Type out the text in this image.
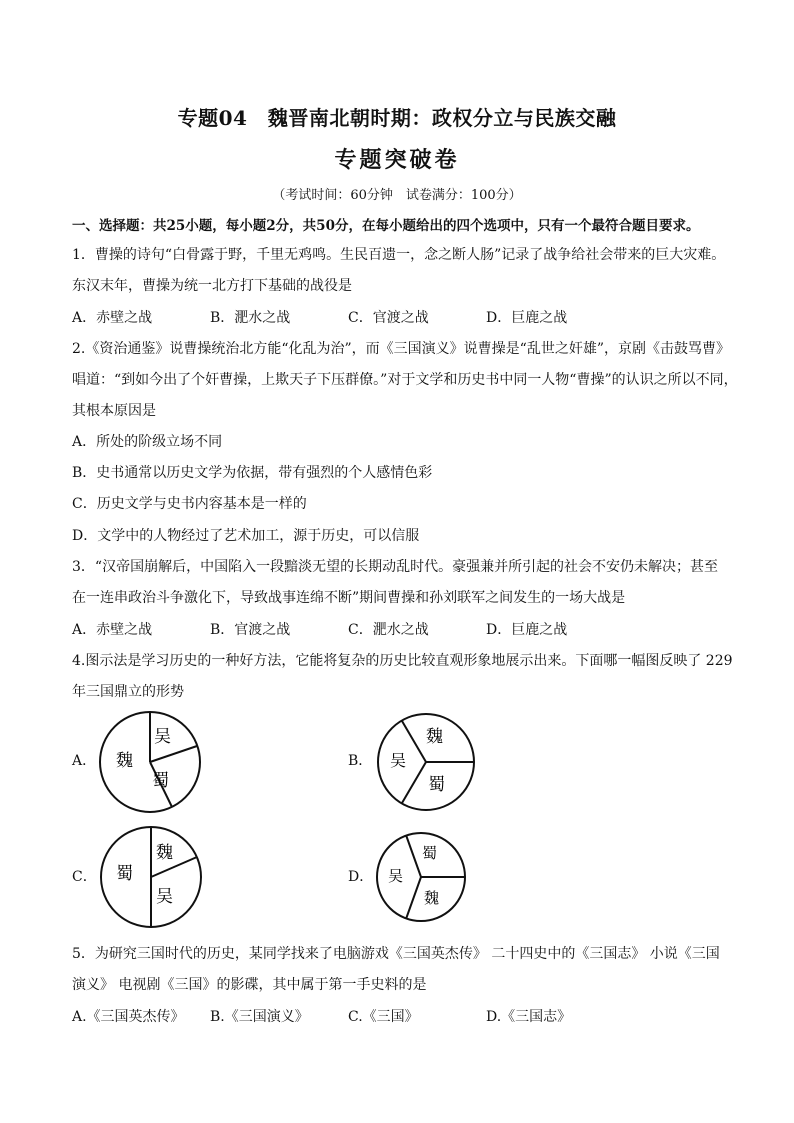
专题04　魏晋南北朝时期：政权分立与民族交融
专题突破卷
（考试时间：60分钟　试卷满分：100分）
一、选择题：共25小题，每小题2分，共50分，在每小题给出的四个选项中，只有一个最符合题目要求。
1．曹操的诗句“白骨露于野，千里无鸡鸣。生民百遗一，念之断人肠”记录了战争给社会带来的巨大灾难。
东汉末年，曹操为统一北方打下基础的战役是
A．赤壁之战	B．淝水之战	C．官渡之战	D．巨鹿之战
2.《资治通鉴》说曹操统治北方能“化乱为治”，而《三国演义》说曹操是“乱世之奸雄”，京剧《击鼓骂曹》
唱道：“到如今出了个奸曹操，上欺天子下压群僚。”对于文学和历史书中同一人物“曹操”的认识之所以不同，
其根本原因是
A．所处的阶级立场不同
B．史书通常以历史文学为依据，带有强烈的个人感情色彩
C．历史文学与史书内容基本是一样的
D．文学中的人物经过了艺术加工，源于历史，可以信服
3．“汉帝国崩解后，中国陷入一段黯淡无望的长期动乱时代。豪强兼并所引起的社会不安仍未解决；甚至
在一连串政治斗争激化下，导致战事连绵不断”期间曹操和孙刘联军之间发生的一场大战是
A．赤壁之战	B．官渡之战	C．淝水之战	D．巨鹿之战
4.图示法是学习历史的一种好方法，它能将复杂的历史比较直观形象地展示出来。下面哪一幅图反映了 229
年三国鼎立的形势
A． 魏
吴
蜀
B． 吴
魏
蜀
C． 蜀
魏
吴
D． 吴
蜀
魏
5．为研究三国时代的历史，某同学找来了电脑游戏《三国英杰传》 二十四史中的《三国志》 小说《三国
演义》 电视剧《三国》的影碟，其中属于第一手史料的是
A.《三国英杰传》 B.《三国演义》	C.《三国》	D.《三国志》
